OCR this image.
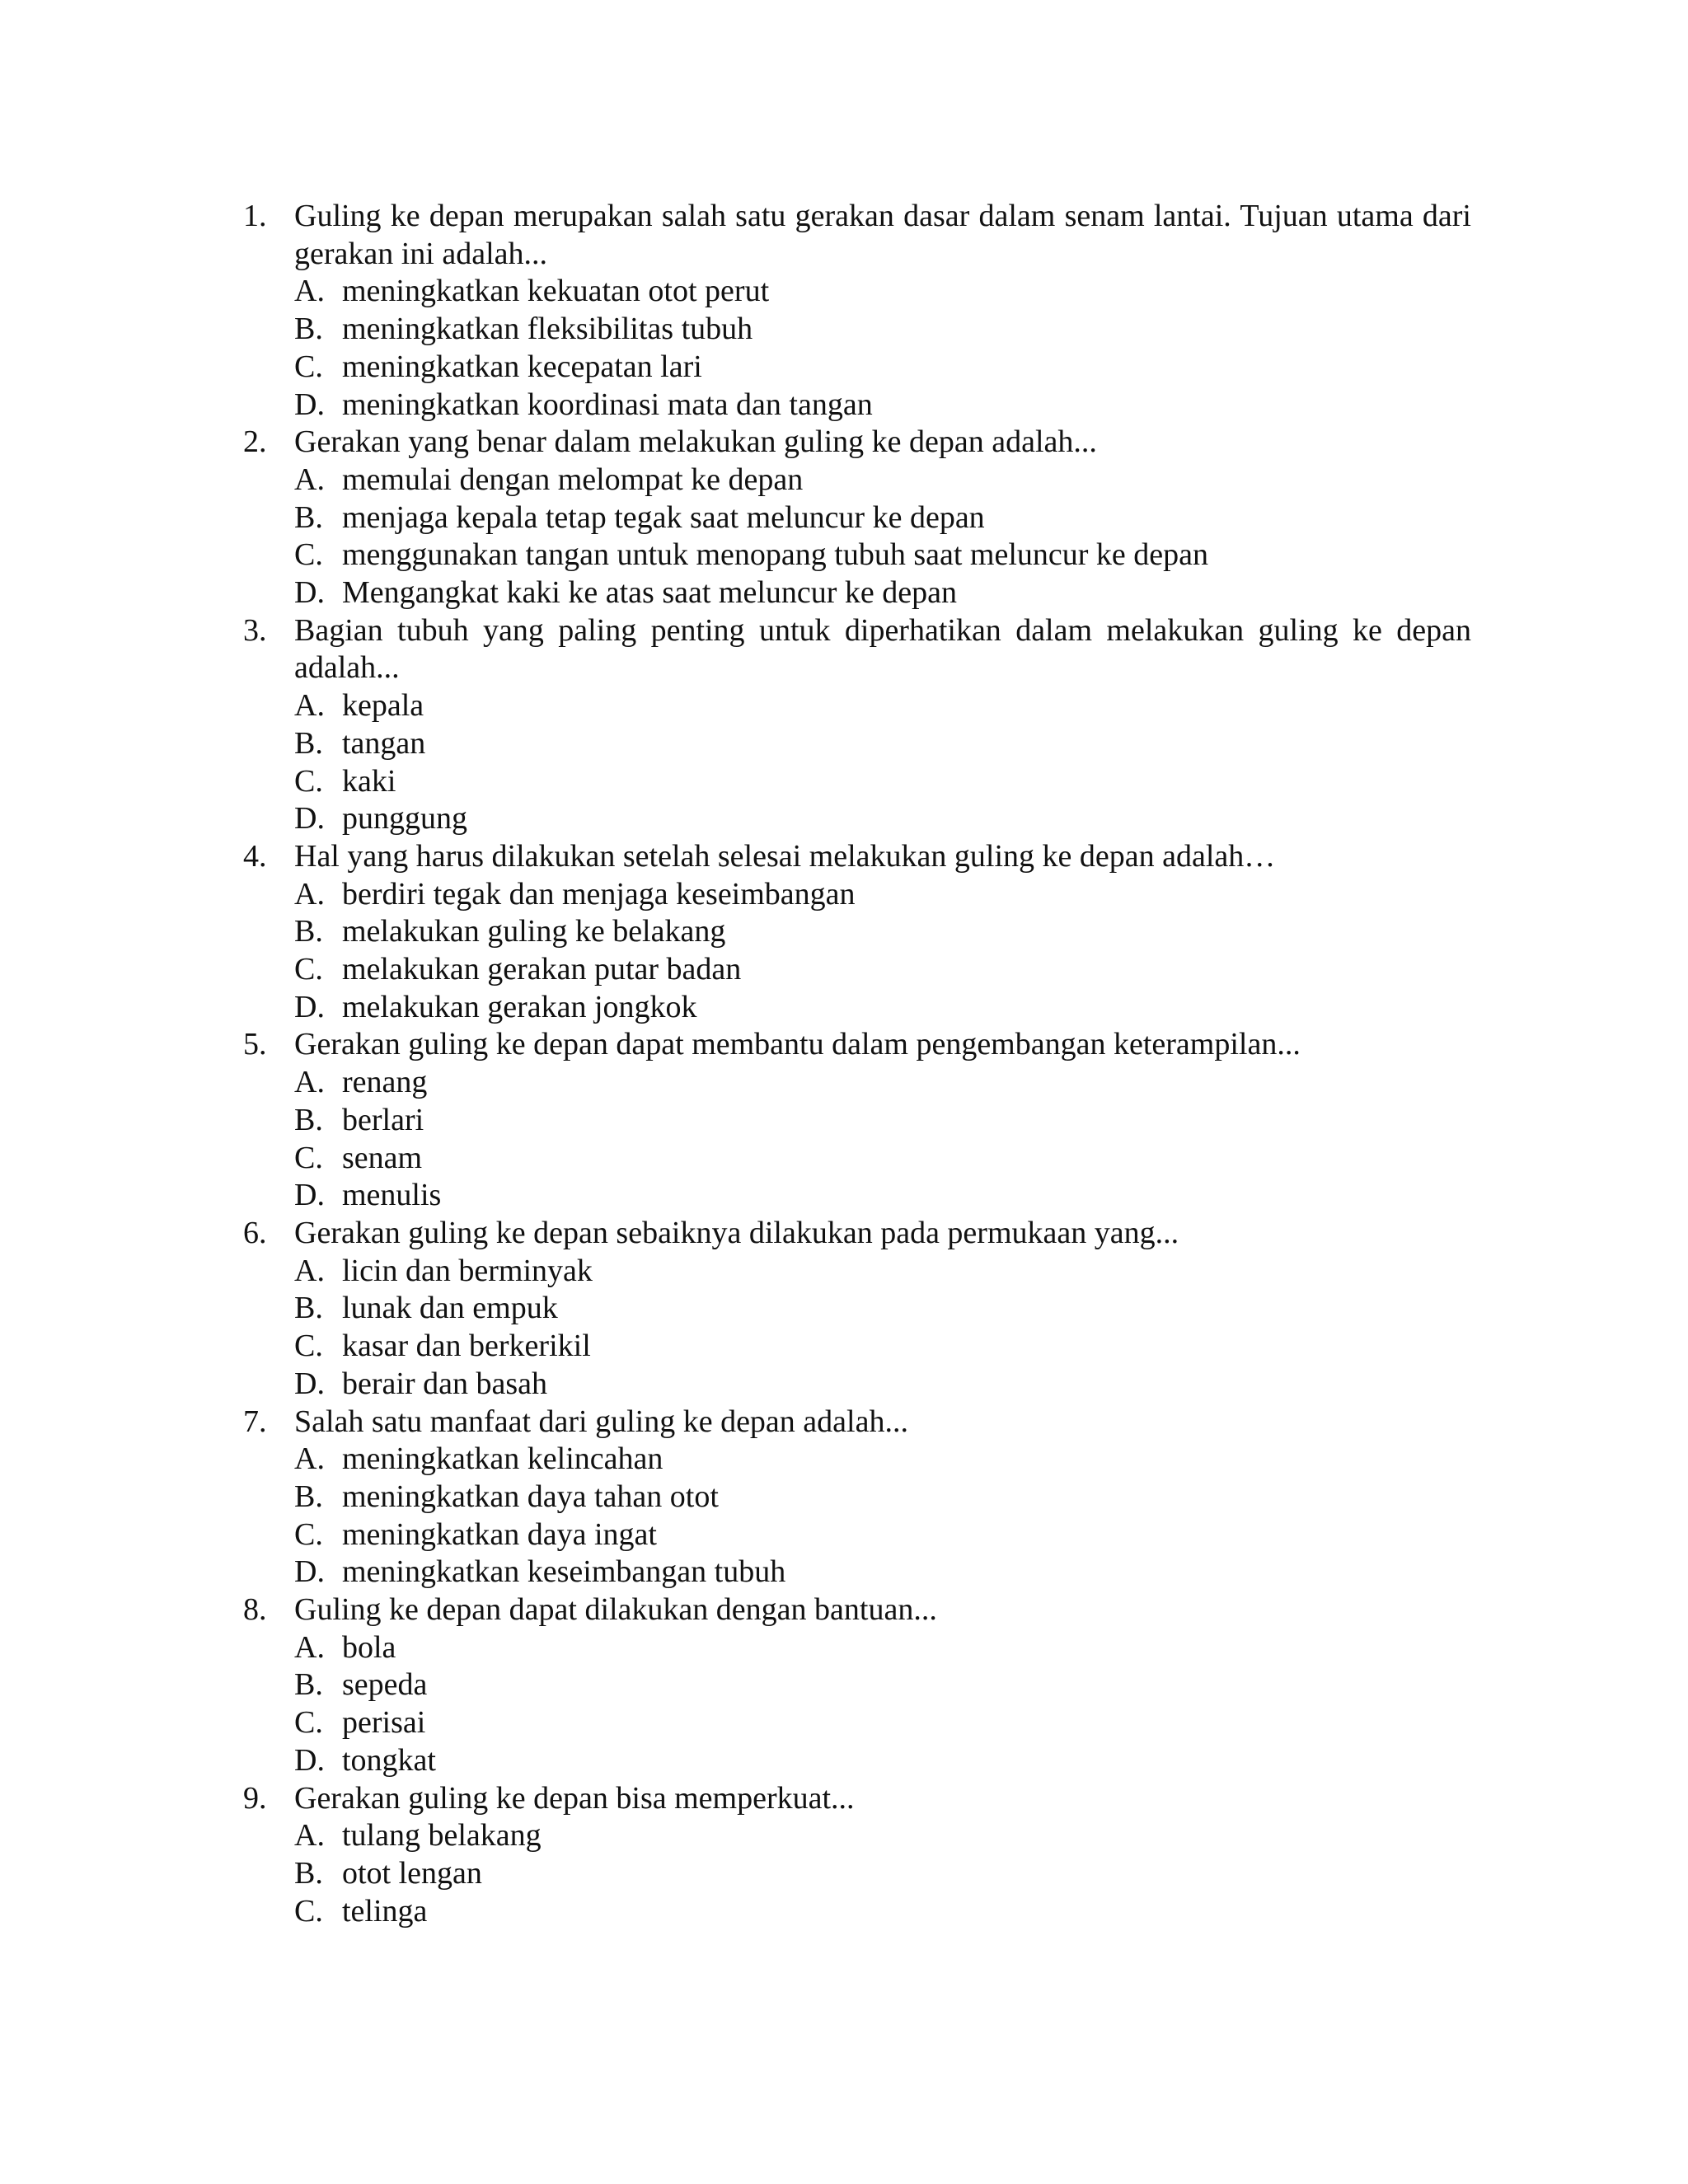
1. Guling ke depan merupakan salah satu gerakan dasar dalam senam lantai. Tujuan utama dari gerakan ini adalah...
A. meningkatkan kekuatan otot perut
B. meningkatkan fleksibilitas tubuh
C. meningkatkan kecepatan lari
D. meningkatkan koordinasi mata dan tangan
2. Gerakan yang benar dalam melakukan guling ke depan adalah...
A. memulai dengan melompat ke depan
B. menjaga kepala tetap tegak saat meluncur ke depan
C. menggunakan tangan untuk menopang tubuh saat meluncur ke depan
D. Mengangkat kaki ke atas saat meluncur ke depan
3. Bagian tubuh yang paling penting untuk diperhatikan dalam melakukan guling ke depan adalah...
A. kepala
B. tangan
C. kaki
D. punggung
4. Hal yang harus dilakukan setelah selesai melakukan guling ke depan adalah…
A. berdiri tegak dan menjaga keseimbangan
B. melakukan guling ke belakang
C. melakukan gerakan putar badan
D. melakukan gerakan jongkok
5. Gerakan guling ke depan dapat membantu dalam pengembangan keterampilan...
A. renang
B. berlari
C. senam
D. menulis
6. Gerakan guling ke depan sebaiknya dilakukan pada permukaan yang...
A. licin dan berminyak
B. lunak dan empuk
C. kasar dan berkerikil
D. berair dan basah
7. Salah satu manfaat dari guling ke depan adalah...
A. meningkatkan kelincahan
B. meningkatkan daya tahan otot
C. meningkatkan daya ingat
D. meningkatkan keseimbangan tubuh
8. Guling ke depan dapat dilakukan dengan bantuan...
A. bola
B. sepeda
C. perisai
D. tongkat
9. Gerakan guling ke depan bisa memperkuat...
A. tulang belakang
B. otot lengan
C. telinga
